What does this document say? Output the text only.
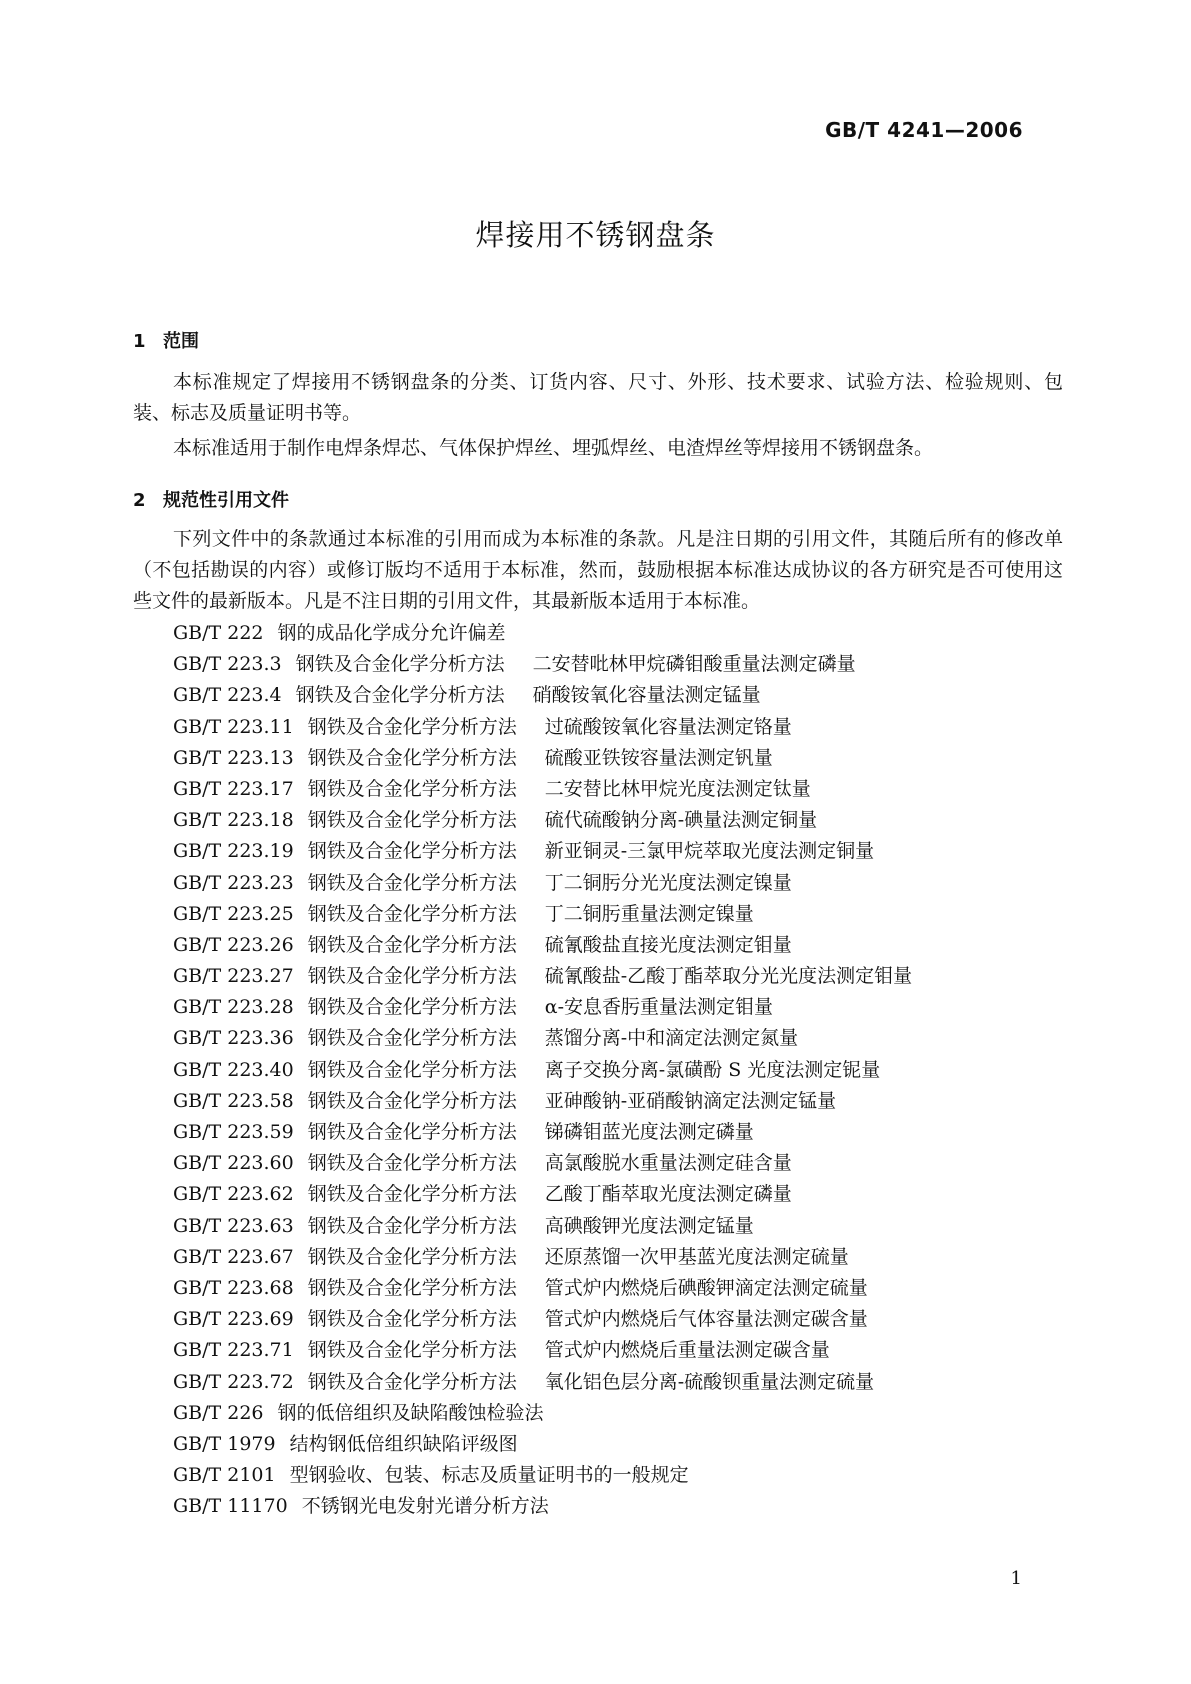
GB/T 4241—2006
焊接用不锈钢盘条
1 范围
本标准规定了焊接用不锈钢盘条的分类、订货内容、尺寸、外形、技术要求、试验方法、检验规则、包装、标志及质量证明书等。
本标准适用于制作电焊条焊芯、气体保护焊丝、埋弧焊丝、电渣焊丝等焊接用不锈钢盘条。
2 规范性引用文件
下列文件中的条款通过本标准的引用而成为本标准的条款。凡是注日期的引用文件，其随后所有的修改单（不包括勘误的内容）或修订版均不适用于本标准，然而，鼓励根据本标准达成协议的各方研究是否可使用这些文件的最新版本。凡是不注日期的引用文件，其最新版本适用于本标准。
GB/T 222 钢的成品化学成分允许偏差
GB/T 223.3 钢铁及合金化学分析方法 二安替吡林甲烷磷钼酸重量法测定磷量
GB/T 223.4 钢铁及合金化学分析方法 硝酸铵氧化容量法测定锰量
GB/T 223.11 钢铁及合金化学分析方法 过硫酸铵氧化容量法测定铬量
GB/T 223.13 钢铁及合金化学分析方法 硫酸亚铁铵容量法测定钒量
GB/T 223.17 钢铁及合金化学分析方法 二安替比林甲烷光度法测定钛量
GB/T 223.18 钢铁及合金化学分析方法 硫代硫酸钠分离-碘量法测定铜量
GB/T 223.19 钢铁及合金化学分析方法 新亚铜灵-三氯甲烷萃取光度法测定铜量
GB/T 223.23 钢铁及合金化学分析方法 丁二铜肟分光光度法测定镍量
GB/T 223.25 钢铁及合金化学分析方法 丁二铜肟重量法测定镍量
GB/T 223.26 钢铁及合金化学分析方法 硫氰酸盐直接光度法测定钼量
GB/T 223.27 钢铁及合金化学分析方法 硫氰酸盐-乙酸丁酯萃取分光光度法测定钼量
GB/T 223.28 钢铁及合金化学分析方法 α-安息香肟重量法测定钼量
GB/T 223.36 钢铁及合金化学分析方法 蒸馏分离-中和滴定法测定氮量
GB/T 223.40 钢铁及合金化学分析方法 离子交换分离-氯磺酚 S 光度法测定铌量
GB/T 223.58 钢铁及合金化学分析方法 亚砷酸钠-亚硝酸钠滴定法测定锰量
GB/T 223.59 钢铁及合金化学分析方法 锑磷钼蓝光度法测定磷量
GB/T 223.60 钢铁及合金化学分析方法 高氯酸脱水重量法测定硅含量
GB/T 223.62 钢铁及合金化学分析方法 乙酸丁酯萃取光度法测定磷量
GB/T 223.63 钢铁及合金化学分析方法 高碘酸钾光度法测定锰量
GB/T 223.67 钢铁及合金化学分析方法 还原蒸馏一次甲基蓝光度法测定硫量
GB/T 223.68 钢铁及合金化学分析方法 管式炉内燃烧后碘酸钾滴定法测定硫量
GB/T 223.69 钢铁及合金化学分析方法 管式炉内燃烧后气体容量法测定碳含量
GB/T 223.71 钢铁及合金化学分析方法 管式炉内燃烧后重量法测定碳含量
GB/T 223.72 钢铁及合金化学分析方法 氧化铝色层分离-硫酸钡重量法测定硫量
GB/T 226 钢的低倍组织及缺陷酸蚀检验法
GB/T 1979 结构钢低倍组织缺陷评级图
GB/T 2101 型钢验收、包装、标志及质量证明书的一般规定
GB/T 11170 不锈钢光电发射光谱分析方法
1
